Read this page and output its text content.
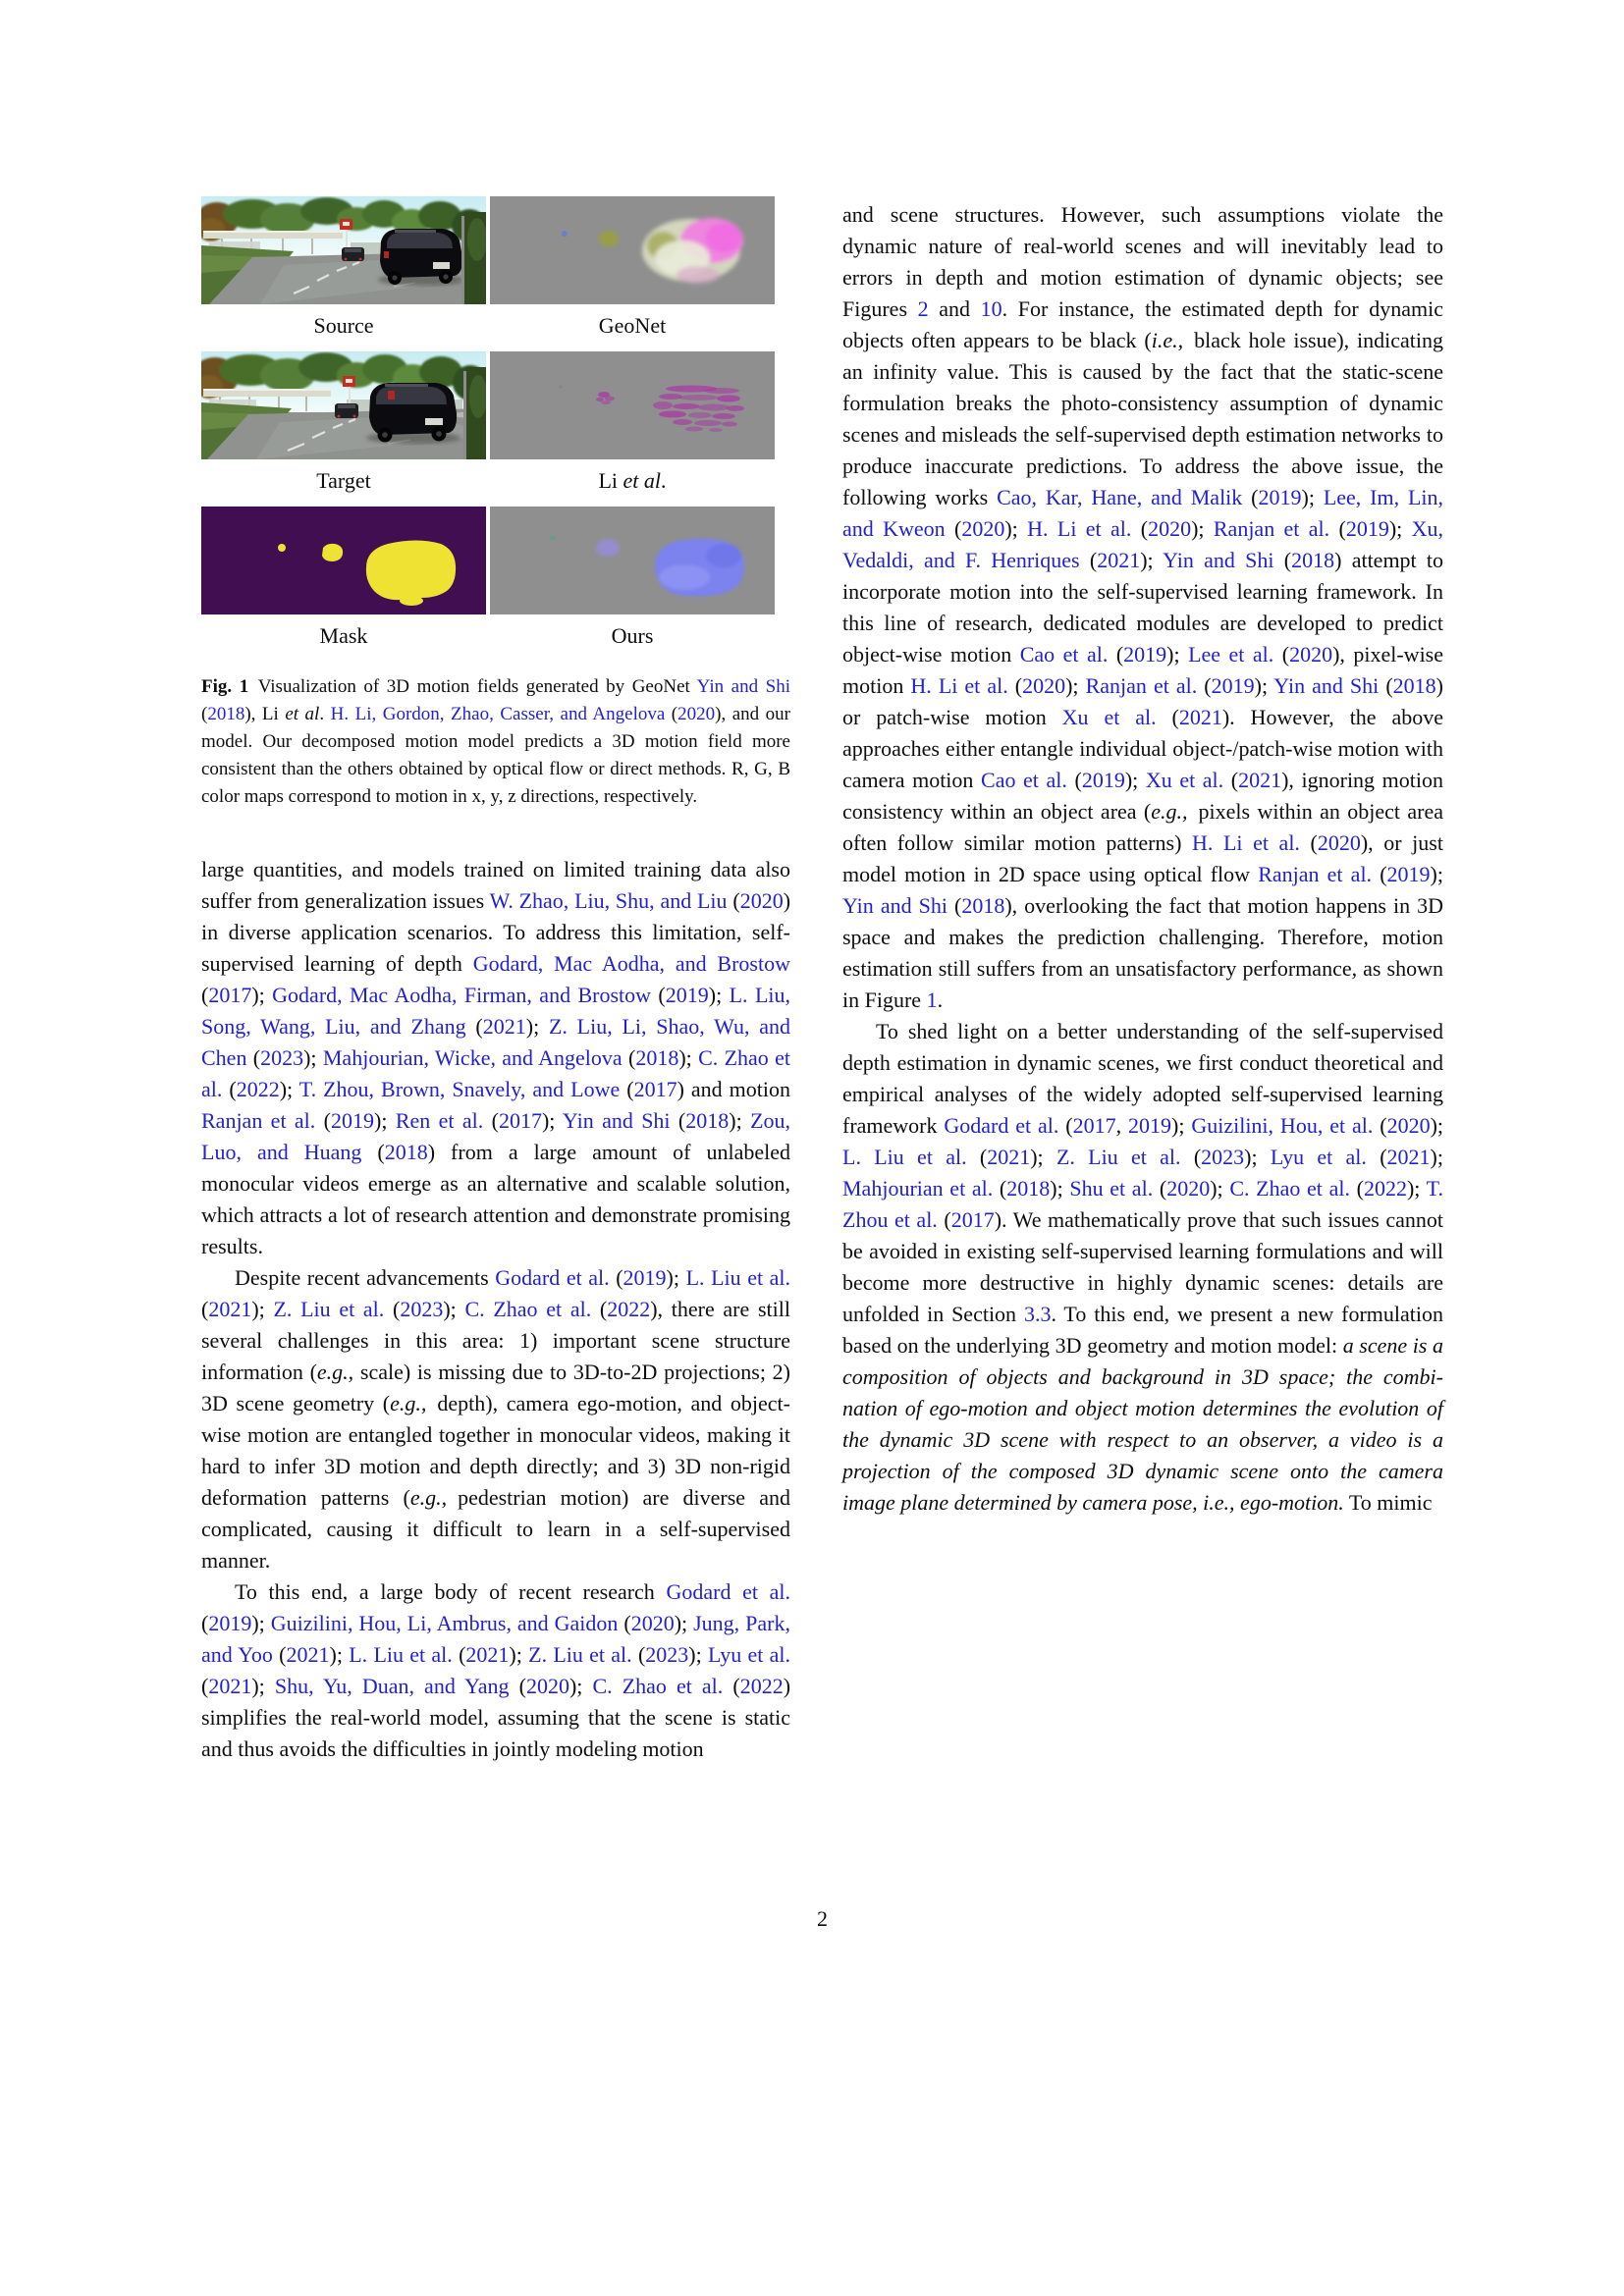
Source	GeoNet
Target	Li et al.
Mask	Ours
Fig. 1 Visualization of 3D motion fields generated by GeoNet Yin and Shi (2018), Li et al. H. Li, Gordon, Zhao, Casser, and Angelova (2020), and our model. Our decomposed motion model predicts a 3D motion field more consistent than the others obtained by optical flow or direct methods. R, G, B color maps correspond to motion in x, y, z directions, respectively.

large quantities, and models trained on limited training data also suffer from generalization issues W. Zhao, Liu, Shu, and Liu (2020) in diverse application scenarios. To address this limitation, self-supervised learning of depth Godard, Mac Aodha, and Brostow (2017); Godard, Mac Aodha, Firman, and Brostow (2019); L. Liu, Song, Wang, Liu, and Zhang (2021); Z. Liu, Li, Shao, Wu, and Chen (2023); Mahjourian, Wicke, and Angelova (2018); C. Zhao et al. (2022); T. Zhou, Brown, Snavely, and Lowe (2017) and motion Ranjan et al. (2019); Ren et al. (2017); Yin and Shi (2018); Zou, Luo, and Huang (2018) from a large amount of unlabeled monocular videos emerge as an alternative and scalable solution, which attracts a lot of research attention and demonstrate promising results.

Despite recent advancements Godard et al. (2019); L. Liu et al. (2021); Z. Liu et al. (2023); C. Zhao et al. (2022), there are still several challenges in this area: 1) important scene structure information (e.g., scale) is missing due to 3D-to-2D projections; 2) 3D scene geometry (e.g., depth), camera ego-motion, and object-wise motion are entangled together in monocular videos, making it hard to infer 3D motion and depth directly; and 3) 3D non-rigid deformation patterns (e.g., pedestrian motion) are diverse and complicated, causing it difficult to learn in a self-supervised manner.

To this end, a large body of recent research Godard et al. (2019); Guizilini, Hou, Li, Ambrus, and Gaidon (2020); Jung, Park, and Yoo (2021); L. Liu et al. (2021); Z. Liu et al. (2023); Lyu et al. (2021); Shu, Yu, Duan, and Yang (2020); C. Zhao et al. (2022) simplifies the real-world model, assuming that the scene is static and thus avoids the difficulties in jointly modeling motion

and scene structures. However, such assumptions violate the dynamic nature of real-world scenes and will inevitably lead to errors in depth and motion estimation of dynamic objects; see Figures 2 and 10. For instance, the estimated depth for dynamic objects often appears to be black (i.e., black hole issue), indicating an infinity value. This is caused by the fact that the static-scene formulation breaks the photo-consistency assumption of dynamic scenes and misleads the self-supervised depth estimation networks to produce inaccurate predictions. To address the above issue, the following works Cao, Kar, Hane, and Malik (2019); Lee, Im, Lin, and Kweon (2020); H. Li et al. (2020); Ranjan et al. (2019); Xu, Vedaldi, and F. Henriques (2021); Yin and Shi (2018) attempt to incorporate motion into the self-supervised learning framework. In this line of research, dedicated modules are developed to predict object-wise motion Cao et al. (2019); Lee et al. (2020), pixel-wise motion H. Li et al. (2020); Ranjan et al. (2019); Yin and Shi (2018) or patch-wise motion Xu et al. (2021). However, the above approaches either entangle individual object-/patch-wise motion with camera motion Cao et al. (2019); Xu et al. (2021), ignoring motion consistency within an object area (e.g., pixels within an object area often follow similar motion patterns) H. Li et al. (2020), or just model motion in 2D space using optical flow Ranjan et al. (2019); Yin and Shi (2018), overlooking the fact that motion happens in 3D space and makes the prediction challenging. Therefore, motion estimation still suffers from an unsatisfactory performance, as shown in Figure 1.

To shed light on a better understanding of the self-supervised depth estimation in dynamic scenes, we first conduct theoretical and empirical analyses of the widely adopted self-supervised learning framework Godard et al. (2017, 2019); Guizilini, Hou, et al. (2020); L. Liu et al. (2021); Z. Liu et al. (2023); Lyu et al. (2021); Mahjourian et al. (2018); Shu et al. (2020); C. Zhao et al. (2022); T. Zhou et al. (2017). We mathematically prove that such issues cannot be avoided in existing self-supervised learning formulations and will become more destructive in highly dynamic scenes: details are unfolded in Section 3.3. To this end, we present a new formulation based on the underlying 3D geometry and motion model: a scene is a composition of objects and background in 3D space; the combination of ego-motion and object motion determines the evolution of the dynamic 3D scene with respect to an observer, a video is a projection of the composed 3D dynamic scene onto the camera image plane determined by camera pose, i.e., ego-motion. To mimic

2
